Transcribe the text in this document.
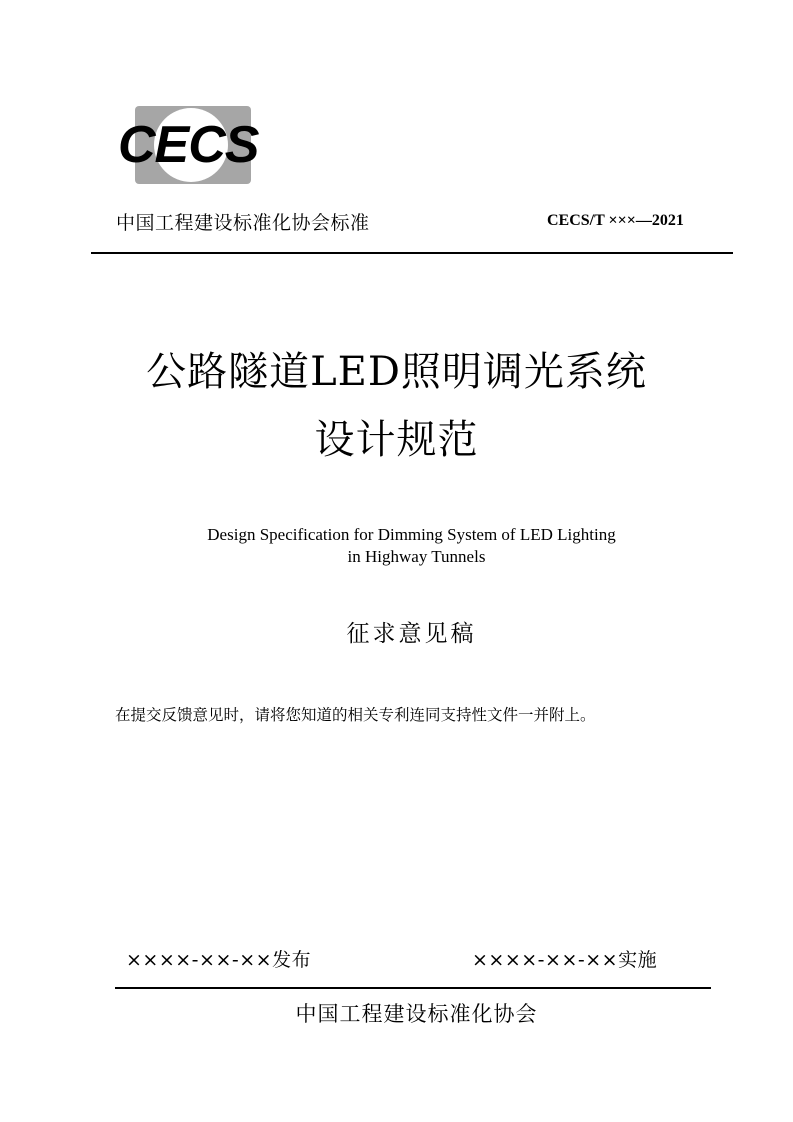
CECS
中国工程建设标准化协会标准	CECS/T ×××—2021
公路隧道LED照明调光系统
设计规范
Design Specification for Dimming System of LED Lighting
in Highway Tunnels
征求意见稿
在提交反馈意见时，请将您知道的相关专利连同支持性文件一并附上。
××××-××-××发布	××××-××-××实施
中国工程建设标准化协会
